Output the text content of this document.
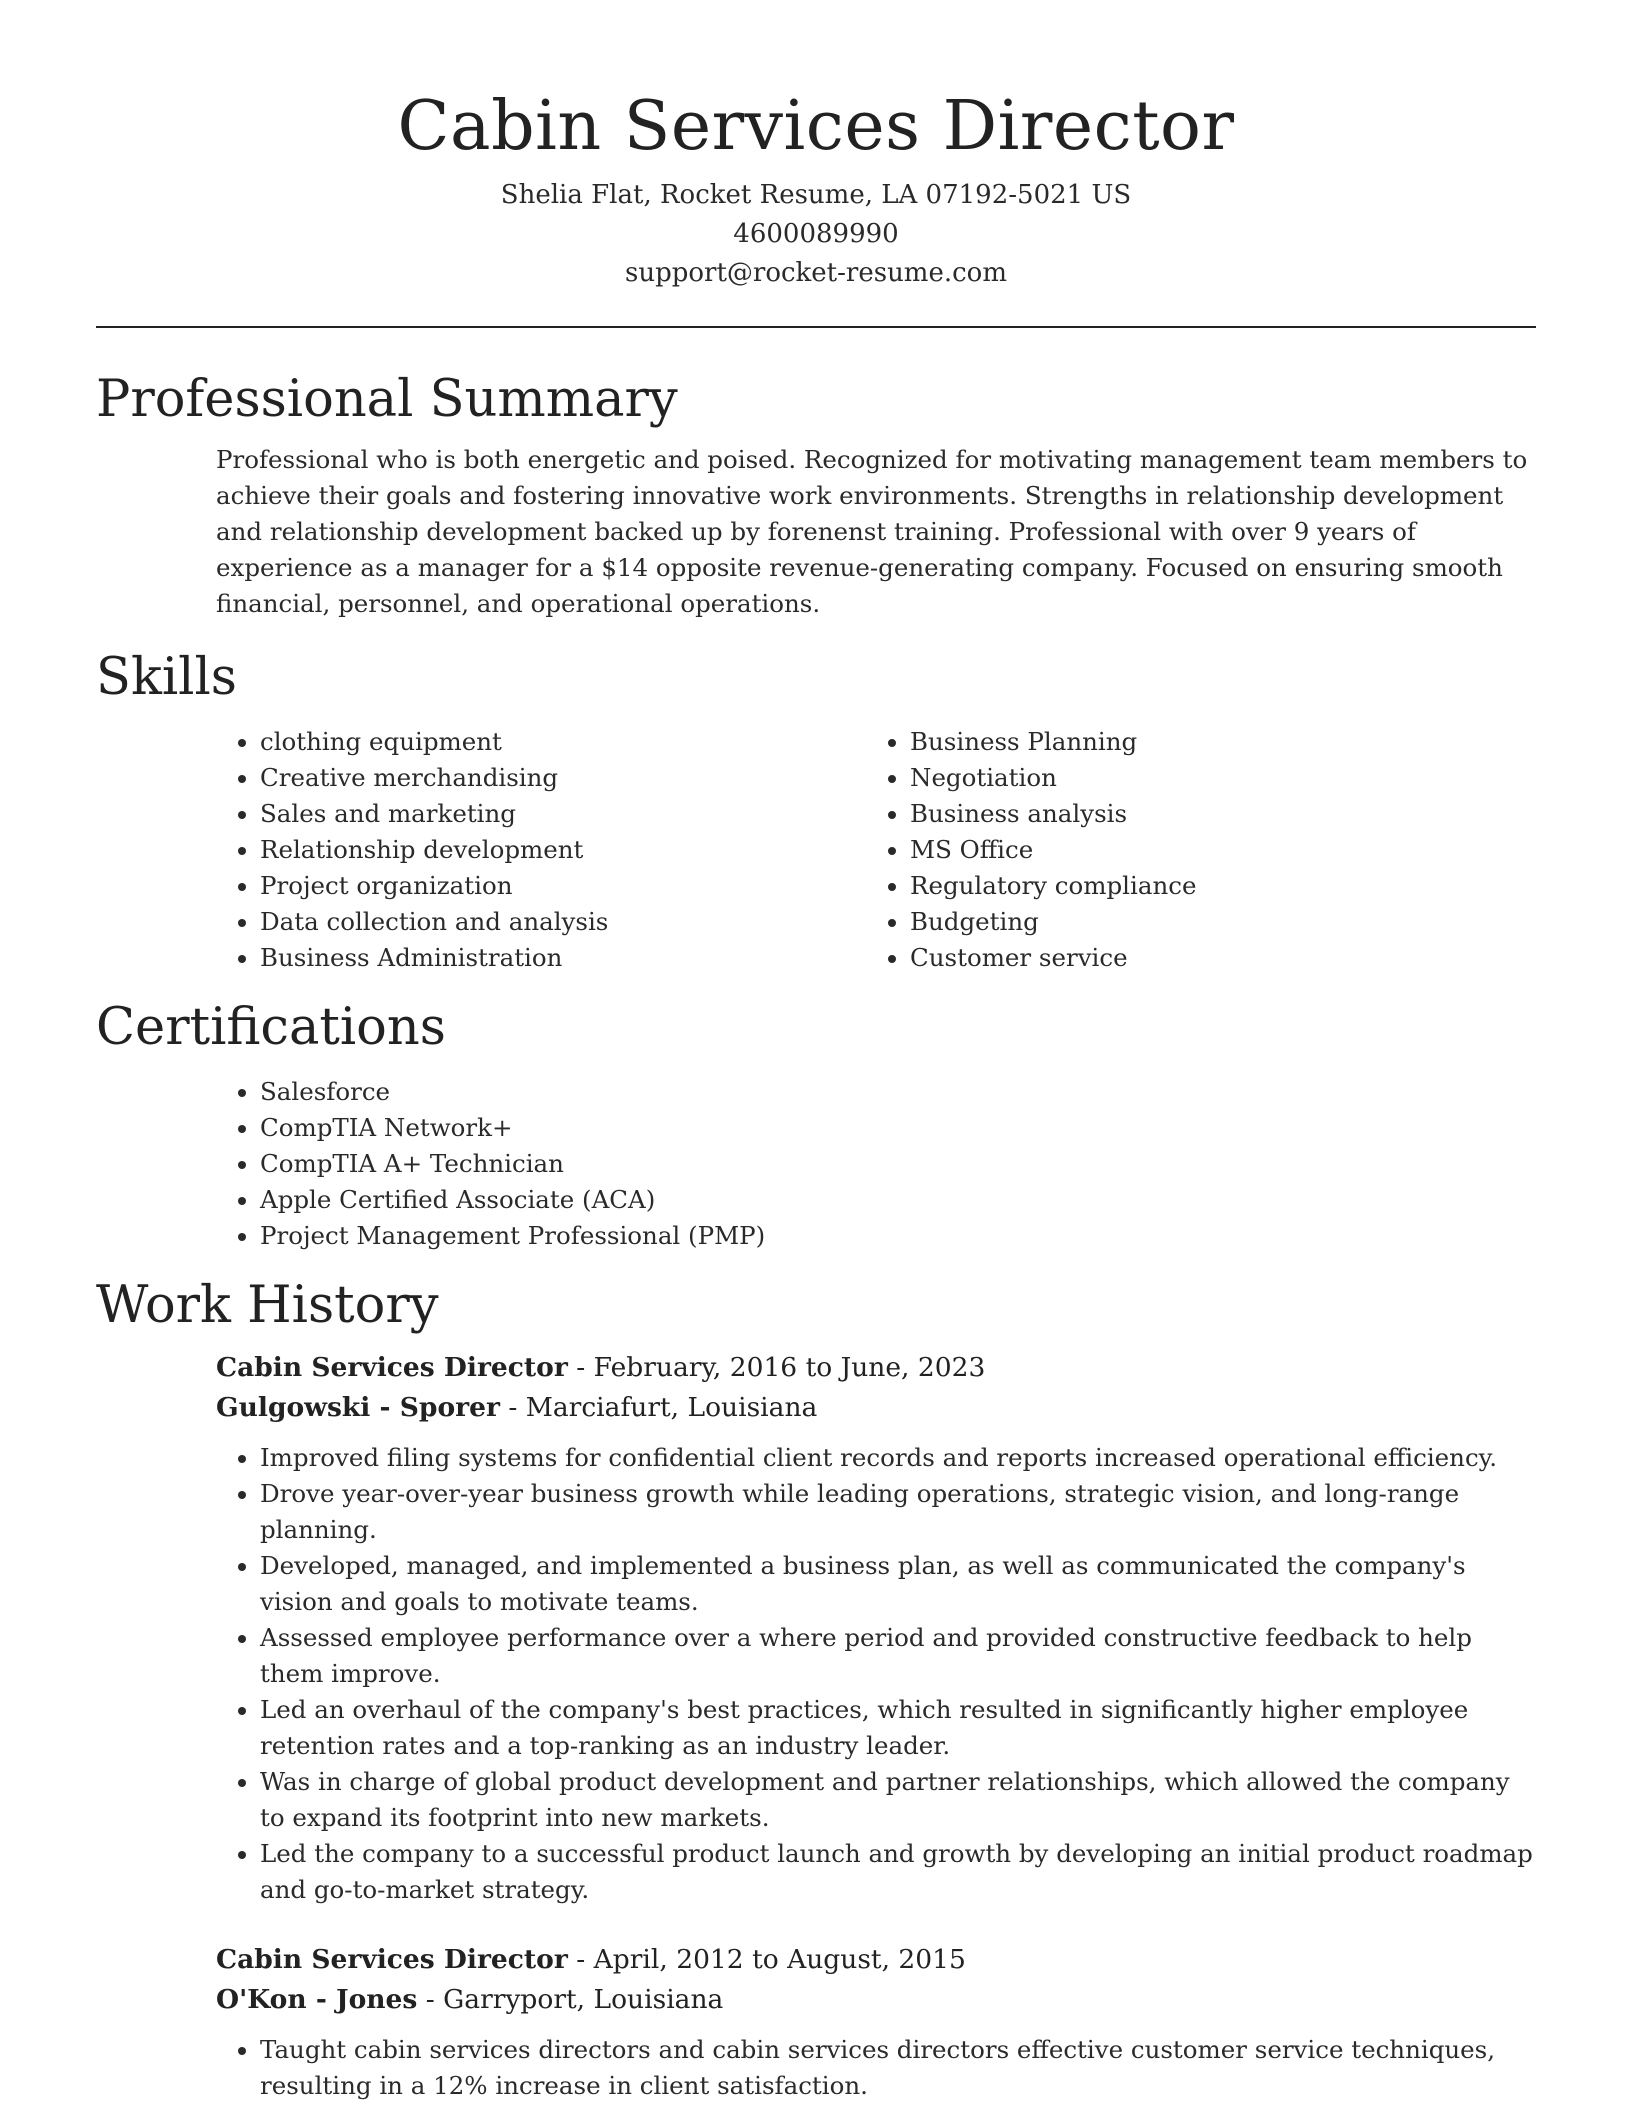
Cabin Services Director
Shelia Flat, Rocket Resume, LA 07192-5021 US
4600089990
support@rocket-resume.com
Professional Summary

Professional who is both energetic and poised. Recognized for motivating management team members to achieve their goals and fostering innovative work environments. Strengths in relationship development and relationship development backed up by forenenst training. Professional with over 9 years of experience as a manager for a $14 opposite revenue-generating company. Focused on ensuring smooth financial, personnel, and operational operations.

Skills
• clothing equipment
• Creative merchandising
• Sales and marketing
• Relationship development
• Project organization
• Data collection and analysis
• Business Administration
• Business Planning
• Negotiation
• Business analysis
• MS Office
• Regulatory compliance
• Budgeting
• Customer service
Certifications
• Salesforce
• CompTIA Network+
• CompTIA A+ Technician
• Apple Certified Associate (ACA)
• Project Management Professional (PMP)
Work History
Cabin Services Director - February, 2016 to June, 2023
Gulgowski - Sporer - Marciafurt, Louisiana
• Improved filing systems for confidential client records and reports increased operational efficiency.
• Drove year-over-year business growth while leading operations, strategic vision, and long-range planning.
• Developed, managed, and implemented a business plan, as well as communicated the company's vision and goals to motivate teams.
• Assessed employee performance over a where period and provided constructive feedback to help them improve.
• Led an overhaul of the company's best practices, which resulted in significantly higher employee retention rates and a top-ranking as an industry leader.
• Was in charge of global product development and partner relationships, which allowed the company to expand its footprint into new markets.
• Led the company to a successful product launch and growth by developing an initial product roadmap and go-to-market strategy.
Cabin Services Director - April, 2012 to August, 2015
O'Kon - Jones - Garryport, Louisiana
• Taught cabin services directors and cabin services directors effective customer service techniques, resulting in a 12% increase in client satisfaction.
